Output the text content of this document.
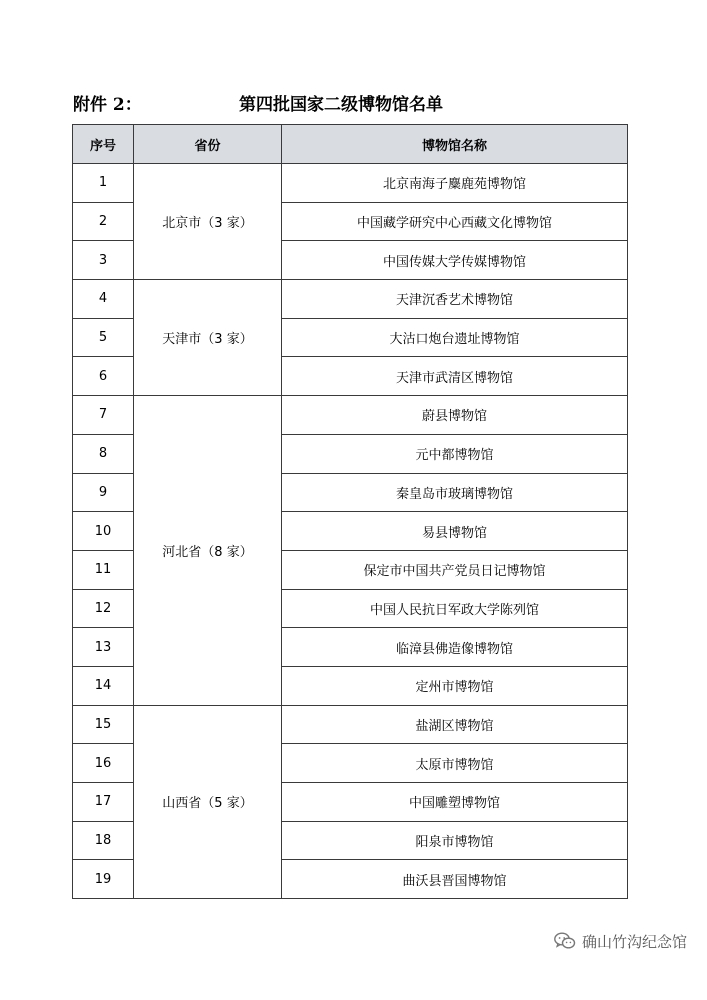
附件 2：	第四批国家二级博物馆名单
序号	省份	博物馆名称
1	北京市（3 家）	北京南海子麋鹿苑博物馆
2		中国藏学研究中心西藏文化博物馆
3		中国传媒大学传媒博物馆
4	天津市（3 家）	天津沉香艺术博物馆
5		大沽口炮台遗址博物馆
6		天津市武清区博物馆
7	河北省（8 家）	蔚县博物馆
8		元中都博物馆
9		秦皇岛市玻璃博物馆
10		易县博物馆
11		保定市中国共产党员日记博物馆
12		中国人民抗日军政大学陈列馆
13		临漳县佛造像博物馆
14		定州市博物馆
15	山西省（5 家）	盐湖区博物馆
16		太原市博物馆
17		中国雕塑博物馆
18		阳泉市博物馆
19		曲沃县晋国博物馆
确山竹沟纪念馆
